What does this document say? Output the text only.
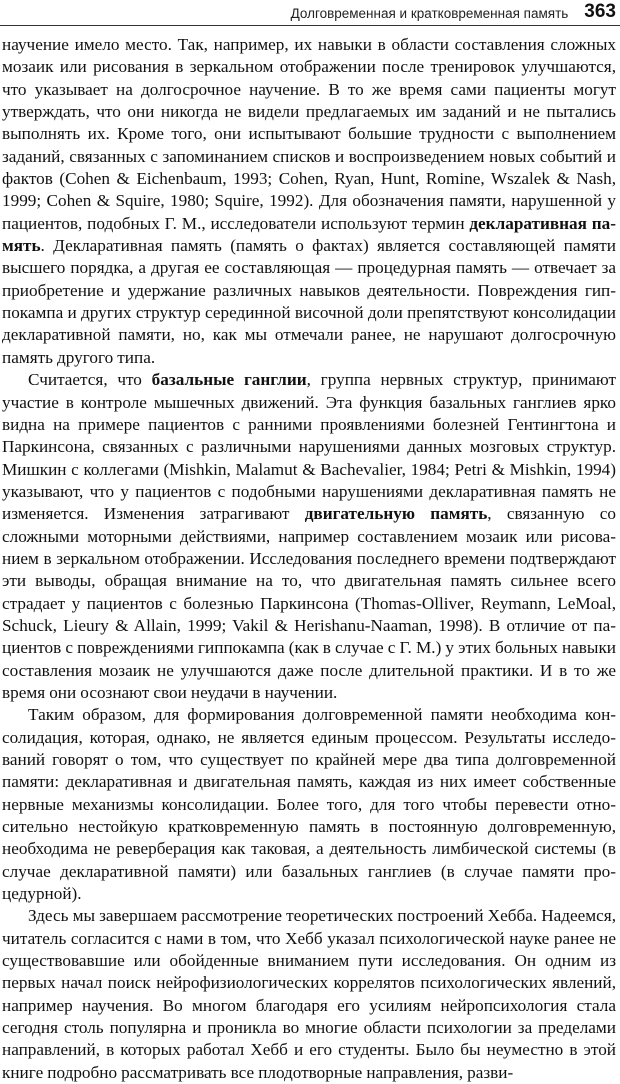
Долговременная и кратковременная память 363

научение имело место. Так, например, их навыки в области составления сложных мозаик или рисования в зеркальном отображении после тренировок улучшаются, что указывает на долгосрочное научение. В то же время сами пациенты могут утверждать, что они никогда не видели предлагаемых им заданий и не пытались выполнять их. Кроме того, они испытывают большие трудности с выполнением заданий, связанных с запоминанием списков и воспроизведением новых событий и фактов (Cohen & Eichenbaum, 1993; Cohen, Ryan, Hunt, Romine, Wszalek & Nash, 1999; Cohen & Squire, 1980; Squire, 1992). Для обозначения памяти, нарушенной у пациентов, подобных Г. М., исследователи используют термин декларативная память. Декларативная память (память о фактах) является составляющей памяти высшего порядка, а другая ее составляющая — процедурная память — отвечает за приобретение и удержание различных навыков деятельности. Повреждения гиппокампа и других структур серединной височной доли препятствуют консолидации декларативной памяти, но, как мы отмечали ранее, не нарушают долгосрочную память другого типа.

Считается, что базальные ганглии, группа нервных структур, принимают участие в контроле мышечных движений. Эта функция базальных ганглиев ярко видна на примере пациентов с ранними проявлениями болезней Гентингтона и Паркинсона, связанных с различными нарушениями данных мозговых структур. Мишкин с коллегами (Mishkin, Malamut & Bachevalier, 1984; Petri & Mishkin, 1994) указывают, что у пациентов с подобными нарушениями декларативная память не изменяется. Изменения затрагивают двигательную память, связанную со сложными моторными действиями, например составлением мозаик или рисованием в зеркальном отображении. Исследования последнего времени подтверждают эти выводы, обращая внимание на то, что двигательная память сильнее всего страдает у пациентов с болезнью Паркинсона (Thomas-Olliver, Reymann, LeMoal, Schuck, Lieury & Allain, 1999; Vakil & Herishanu-Naaman, 1998). В отличие от пациентов с повреждениями гиппокампа (как в случае с Г. М.) у этих больных навыки составления мозаик не улучшаются даже после длительной практики. И в то же время они осознают свои неудачи в научении.

Таким образом, для формирования долговременной памяти необходима консолидация, которая, однако, не является единым процессом. Результаты исследований говорят о том, что существует по крайней мере два типа долговременной памяти: декларативная и двигательная память, каждая из них имеет собственные нервные механизмы консолидации. Более того, для того чтобы перевести относительно нестойкую кратковременную память в постоянную долговременную, необходима не реверберация как таковая, а деятельность лимбической системы (в случае декларативной памяти) или базальных ганглиев (в случае памяти процедурной).

Здесь мы завершаем рассмотрение теоретических построений Хебба. Надеемся, читатель согласится с нами в том, что Хебб указал психологической науке ранее не существовавшие или обойденные вниманием пути исследования. Он одним из первых начал поиск нейрофизиологических коррелятов психологических явлений, например научения. Во многом благодаря его усилиям нейропсихология стала сегодня столь популярна и проникла во многие области психологии за пределами направлений, в которых работал Хебб и его студенты. Было бы неуместно в этой книге подробно рассматривать все плодотворные направления, разви-
